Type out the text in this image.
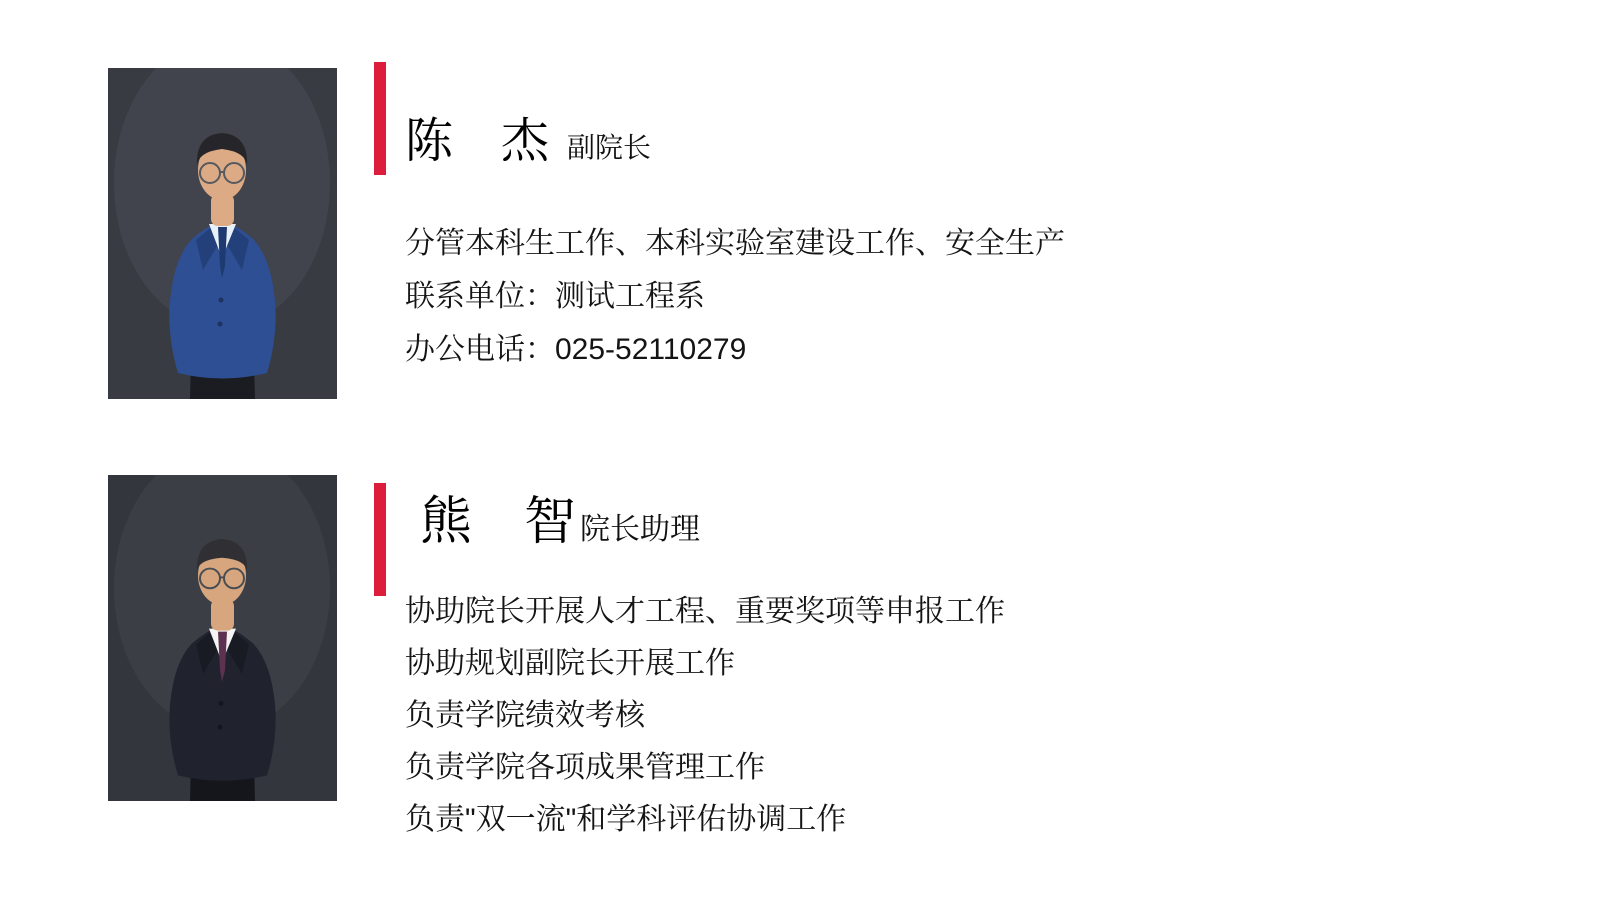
陈　杰 副院长

分管本科生工作、本科实验室建设工作、安全生产

联系单位：测试工程系

办公电话：025-52110279

熊　智 院长助理

协助院长开展人才工程、重要奖项等申报工作

协助规划副院长开展工作

负责学院绩效考核

负责学院各项成果管理工作

负责"双一流"和学科评佑协调工作
